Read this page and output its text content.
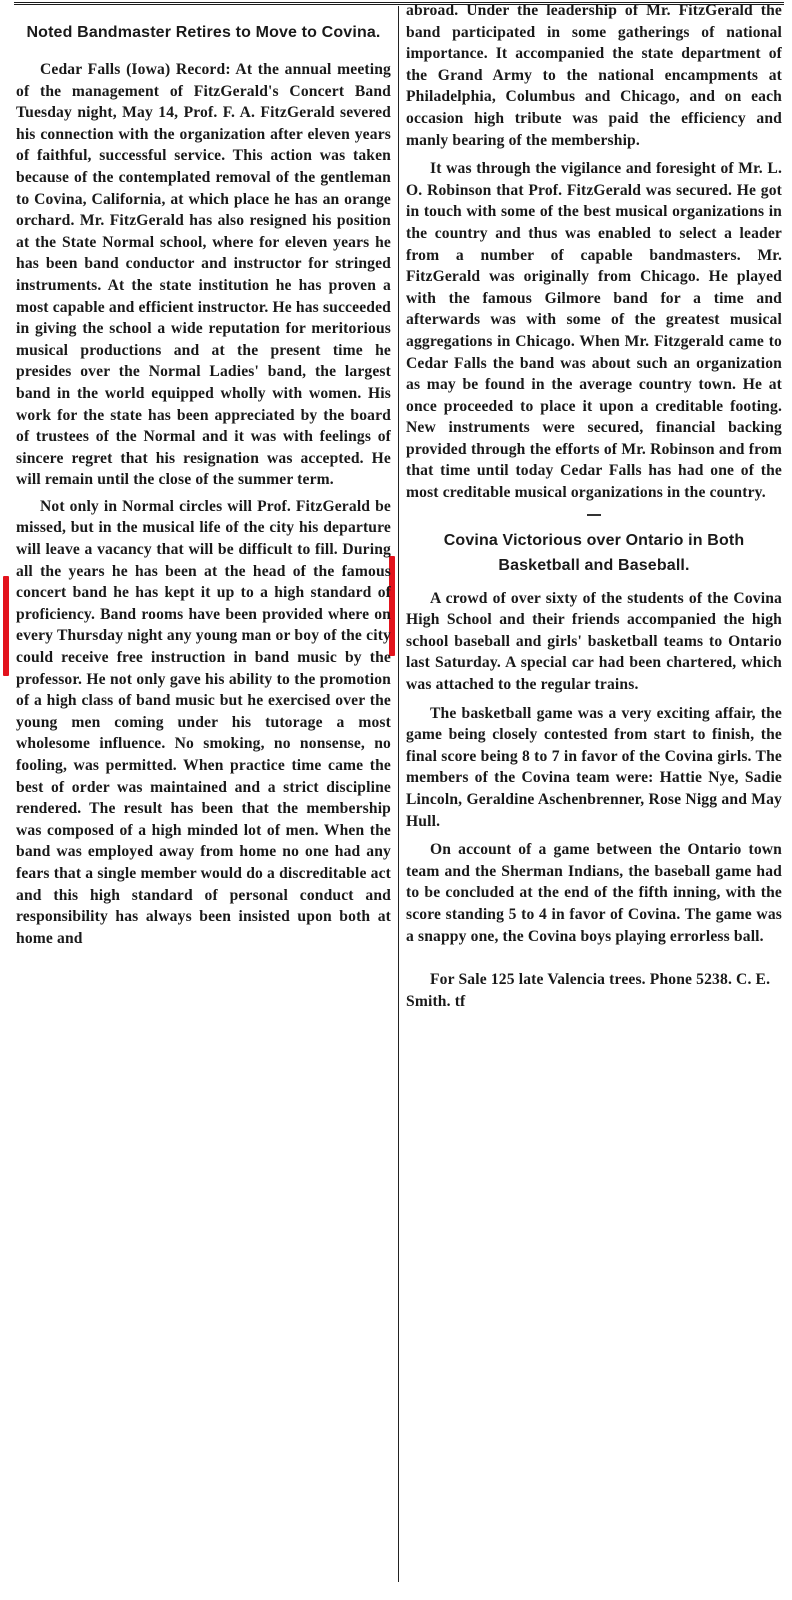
Noted Bandmaster Retires to Move to Covina.

Cedar Falls (Iowa) Record: At the annual meeting of the management of FitzGerald's Concert Band Tuesday night, May 14, Prof. F. A. FitzGerald severed his connection with the organization after eleven years of faithful, successful service. This action was taken because of the contemplated removal of the gentleman to Covina, California, at which place he has an orange orchard. Mr. FitzGerald has also resigned his position at the State Normal school, where for eleven years he has been band conductor and instructor for stringed instruments. At the state institution he has proven a most capable and efficient instructor. He has succeeded in giving the school a wide reputation for meritorious musical productions and at the present time he presides over the Normal Ladies' band, the largest band in the world equipped wholly with women. His work for the state has been appreciated by the board of trustees of the Normal and it was with feelings of sincere regret that his resignation was accepted. He will remain until the close of the summer term.

Not only in Normal circles will Prof. FitzGerald be missed, but in the musical life of the city his departure will leave a vacancy that will be difficult to fill. During all the years he has been at the head of the famous concert band he has kept it up to a high standard of proficiency. Band rooms have been provided where on every Thursday night any young man or boy of the city could receive free instruction in band music by the professor. He not only gave his ability to the promotion of a high class of band music but he exercised over the young men coming under his tutorage a most wholesome influence. No smoking, no nonsense, no fooling, was permitted. When practice time came the best of order was maintained and a strict discipline rendered. The result has been that the membership was composed of a high minded lot of men. When the band was employed away from home no one had any fears that a single member would do a discreditable act and this high standard of personal conduct and responsibility has always been insisted upon both at home and

abroad. Under the leadership of Mr. FitzGerald the band participated in some gatherings of national importance. It accompanied the state department of the Grand Army to the national encampments at Philadelphia, Columbus and Chicago, and on each occasion high tribute was paid the efficiency and manly bearing of the membership.

It was through the vigilance and foresight of Mr. L. O. Robinson that Prof. FitzGerald was secured. He got in touch with some of the best musical organizations in the country and thus was enabled to select a leader from a number of capable bandmasters. Mr. FitzGerald was originally from Chicago. He played with the famous Gilmore band for a time and afterwards was with some of the greatest musical aggregations in Chicago. When Mr. Fitzgerald came to Cedar Falls the band was about such an organization as may be found in the average country town. He at once proceeded to place it upon a creditable footing. New instruments were secured, financial backing provided through the efforts of Mr. Robinson and from that time until today Cedar Falls has had one of the most creditable musical organizations in the country.

Covina Victorious over Ontario in Both Basketball and Baseball.

A crowd of over sixty of the students of the Covina High School and their friends accompanied the high school baseball and girls' basketball teams to Ontario last Saturday. A special car had been chartered, which was attached to the regular trains.

The basketball game was a very exciting affair, the game being closely contested from start to finish, the final score being 8 to 7 in favor of the Covina girls. The members of the Covina team were: Hattie Nye, Sadie Lincoln, Geraldine Aschenbrenner, Rose Nigg and May Hull.

On account of a game between the Ontario town team and the Sherman Indians, the baseball game had to be concluded at the end of the fifth inning, with the score standing 5 to 4 in favor of Covina. The game was a snappy one, the Covina boys playing errorless ball.

For Sale 125 late Valencia trees. Phone 5238. C. E. Smith. tf
